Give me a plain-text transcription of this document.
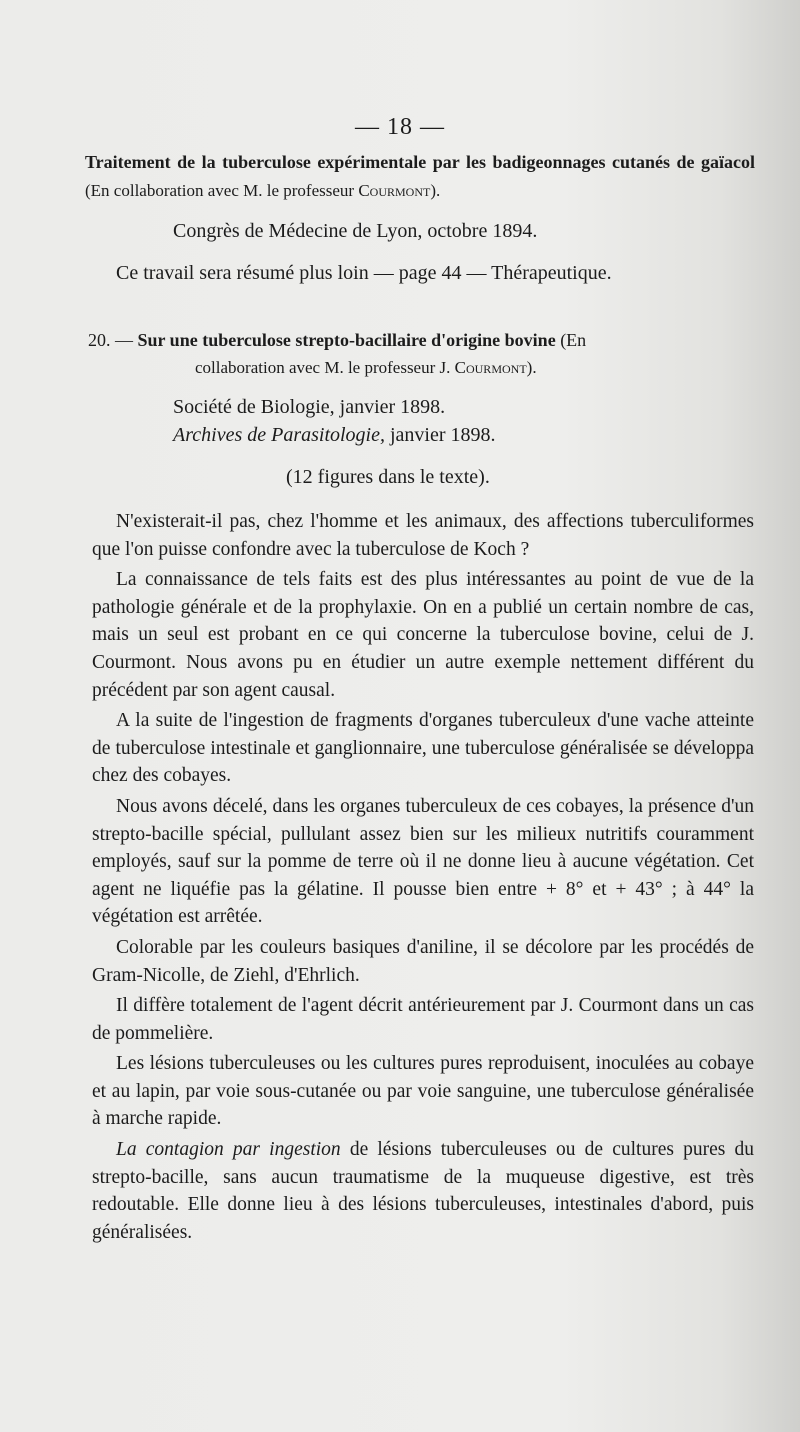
— 18 —
Traitement de la tuberculose expérimentale par les badigeonnages cutanés de gaïacol (En collaboration avec M. le professeur Courmont).
Congrès de Médecine de Lyon, octobre 1894.
Ce travail sera résumé plus loin — page 44 — Thérapeutique.
20. — Sur une tuberculose strepto-bacillaire d'origine bovine (En
collaboration avec M. le professeur J. Courmont).
Société de Biologie, janvier 1898.
Archives de Parasitologie, janvier 1898.
(12 figures dans le texte).

N'existerait-il pas, chez l'homme et les animaux, des affections tuberculiformes que l'on puisse confondre avec la tuberculose de Koch ?

La connaissance de tels faits est des plus intéressantes au point de vue de la pathologie générale et de la prophylaxie. On en a publié un certain nombre de cas, mais un seul est probant en ce qui concerne la tuberculose bovine, celui de J. Courmont. Nous avons pu en étudier un autre exemple nettement différent du précédent par son agent causal.

A la suite de l'ingestion de fragments d'organes tuberculeux d'une vache atteinte de tuberculose intestinale et ganglionnaire, une tuberculose généralisée se développa chez des cobayes.

Nous avons décelé, dans les organes tuberculeux de ces cobayes, la présence d'un strepto-bacille spécial, pullulant assez bien sur les milieux nutritifs couramment employés, sauf sur la pomme de terre où il ne donne lieu à aucune végétation. Cet agent ne liquéfie pas la gélatine. Il pousse bien entre + 8° et + 43° ; à 44° la végétation est arrêtée.

Colorable par les couleurs basiques d'aniline, il se décolore par les procédés de Gram-Nicolle, de Ziehl, d'Ehrlich.

Il diffère totalement de l'agent décrit antérieurement par J. Courmont dans un cas de pommelière.

Les lésions tuberculeuses ou les cultures pures reproduisent, inoculées au cobaye et au lapin, par voie sous-cutanée ou par voie sanguine, une tuberculose généralisée à marche rapide.

La contagion par ingestion de lésions tuberculeuses ou de cultures pures du strepto-bacille, sans aucun traumatisme de la muqueuse digestive, est très redoutable. Elle donne lieu à des lésions tuberculeuses, intestinales d'abord, puis généralisées.
